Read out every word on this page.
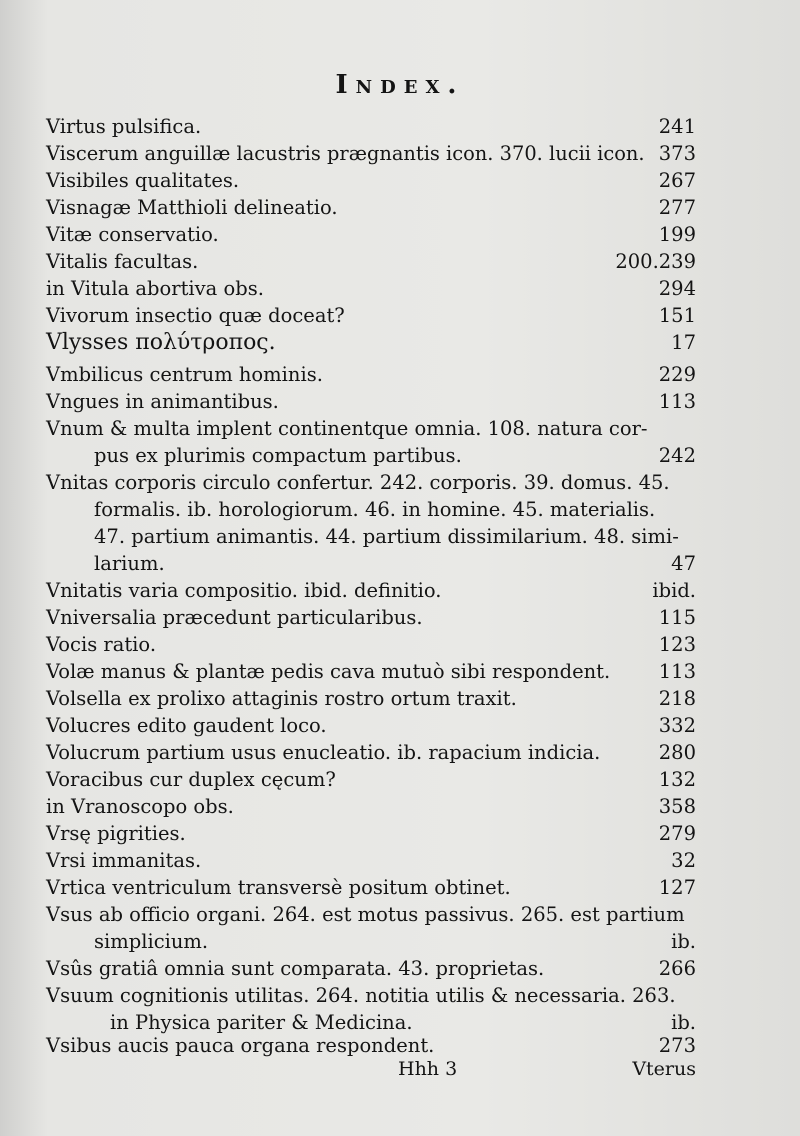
Index.
Virtus pulsifica.	241
Viscerum anguillæ lacustris prægnantis icon. 370. lucii icon. 373
Visibiles qualitates.	267
Visnagæ Matthioli delineatio.	277
Vitæ conservatio.	199
Vitalis facultas.	200.239
in Vitula abortiva obs.	294
Vivorum insectio quæ doceat?	151
Vlysses πολύτροπος.	17
Vmbilicus centrum hominis.	229
Vngues in animantibus.	113
Vnum & multa implent continentque omnia. 108. natura cor-
pus ex plurimis compactum partibus.	242
Vnitas corporis circulo confertur. 242. corporis. 39. domus. 45.
formalis. ib. horologiorum. 46. in homine. 45. materialis.
47. partium animantis. 44. partium dissimilarium. 48. simi-
larium.	47
Vnitatis varia compositio. ibid. definitio.	ibid.
Vniversalia præcedunt particularibus.	115
Vocis ratio.	123
Volæ manus & plantæ pedis cava mutuò sibi respondent. 113
Volsella ex prolixo attaginis rostro ortum traxit.	218
Volucres edito gaudent loco.	332
Volucrum partium usus enucleatio. ib. rapacium indicia.	280
Voracibus cur duplex cęcum?	132
in Vranoscopo obs.	358
Vrsę pigrities.	279
Vrsi immanitas.	32
Vrtica ventriculum transversè positum obtinet.	127
Vsus ab officio organi. 264. est motus passivus. 265. est partium
simplicium.	ib.
Vsûs gratiâ omnia sunt comparata. 43. proprietas.	266
Vsuum cognitionis utilitas. 264. notitia utilis & necessaria. 263.
in Physica pariter & Medicina.	ib.
Vsibus aucis pauca organa respondent.	273
Hhh 3	Vterus
